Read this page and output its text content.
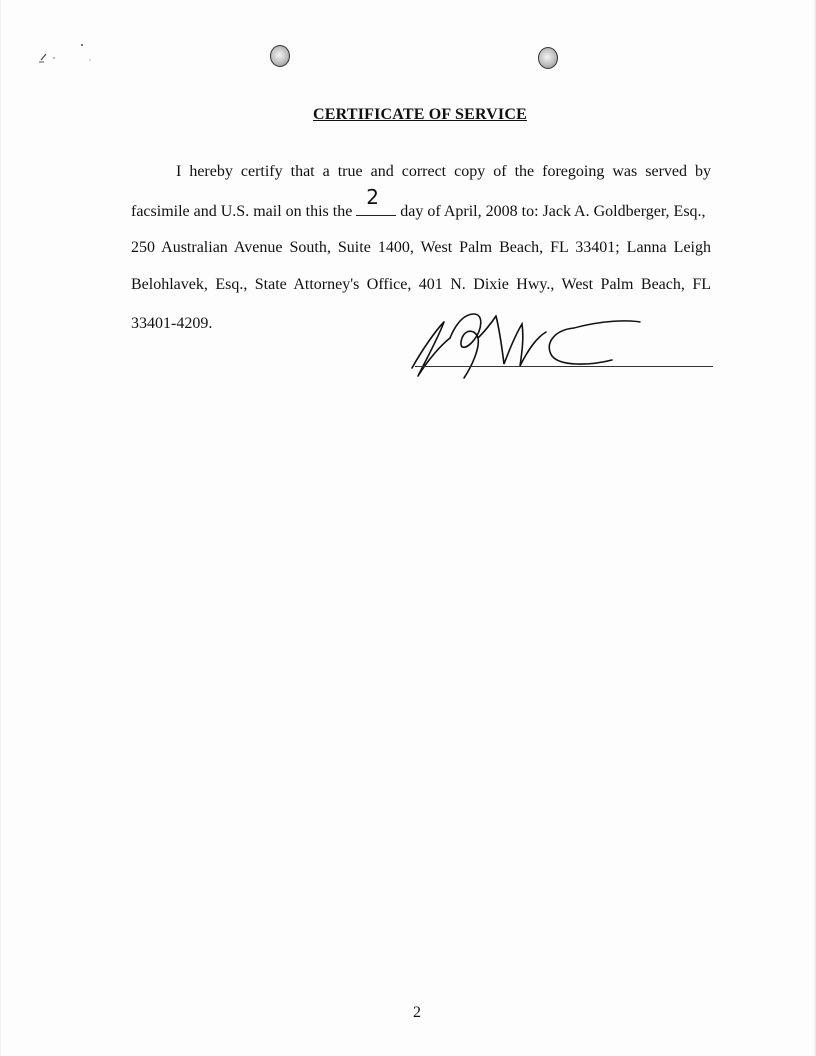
CERTIFICATE OF SERVICE
I hereby certify that a true and correct copy of the foregoing was served by
facsimile and U.S. mail on this the
2
day of April, 2008 to: Jack A. Goldberger, Esq.,
250 Australian Avenue South, Suite 1400, West Palm Beach, FL 33401; Lanna Leigh
Belohlavek, Esq., State Attorney's Office, 401 N. Dixie Hwy., West Palm Beach, FL
33401-4209.
2
